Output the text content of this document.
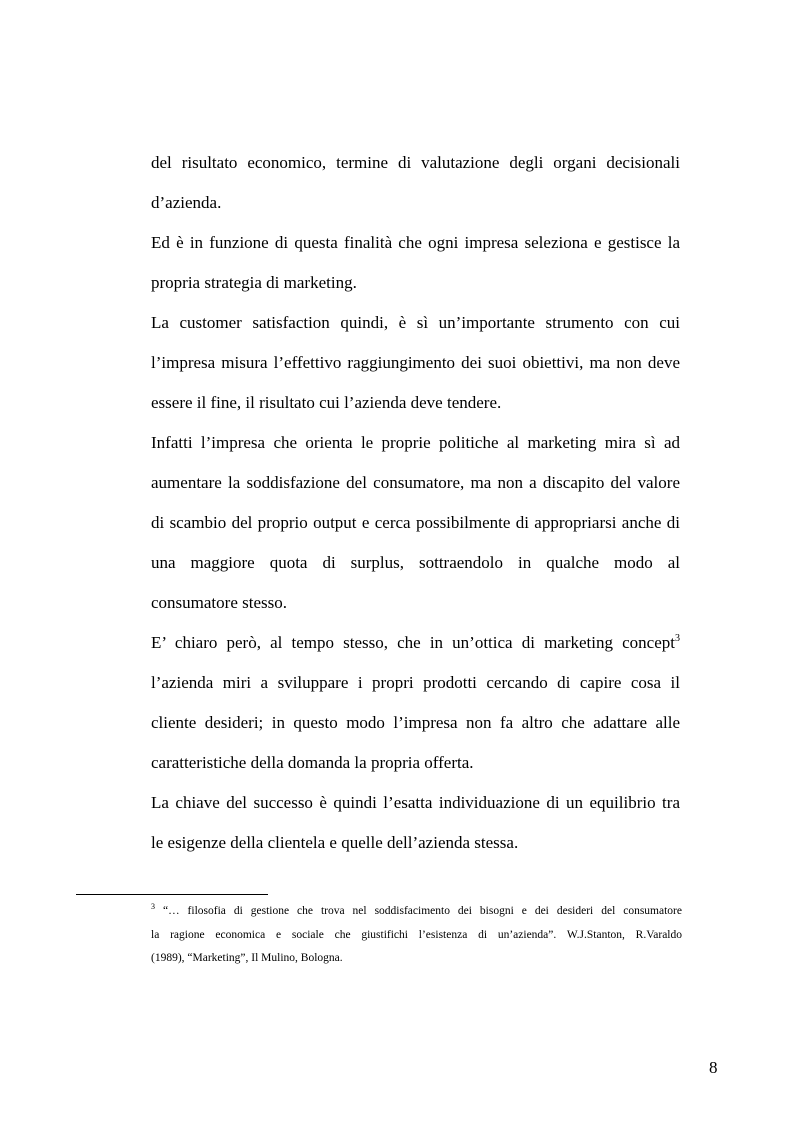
del risultato economico, termine di valutazione degli organi decisionali
d’azienda.
Ed è in funzione di questa finalità che ogni impresa seleziona e gestisce la
propria strategia di marketing.
La customer satisfaction quindi, è sì un’importante strumento con cui
l’impresa misura l’effettivo raggiungimento dei suoi obiettivi, ma non deve
essere il fine, il risultato cui l’azienda deve tendere.
Infatti l’impresa che orienta le proprie politiche al marketing mira sì ad
aumentare la soddisfazione del consumatore, ma non a discapito del valore
di scambio del proprio output e cerca possibilmente di appropriarsi anche di
una maggiore quota di surplus, sottraendolo in qualche modo al
consumatore stesso.
E’ chiaro però, al tempo stesso, che in un’ottica di marketing concept$^3$
l’azienda miri a sviluppare i propri prodotti cercando di capire cosa il
cliente desideri; in questo modo l’impresa non fa altro che adattare alle
caratteristiche della domanda la propria offerta.
La chiave del successo è quindi l’esatta individuazione di un equilibrio tra
le esigenze della clientela e quelle dell’azienda stessa.
$^3$ “… filosofia di gestione che trova nel soddisfacimento dei bisogni e dei desideri del consumatore
la ragione economica e sociale che giustifichi l’esistenza di un’azienda”. W.J.Stanton, R.Varaldo
(1989), “Marketing”, Il Mulino, Bologna.
8
